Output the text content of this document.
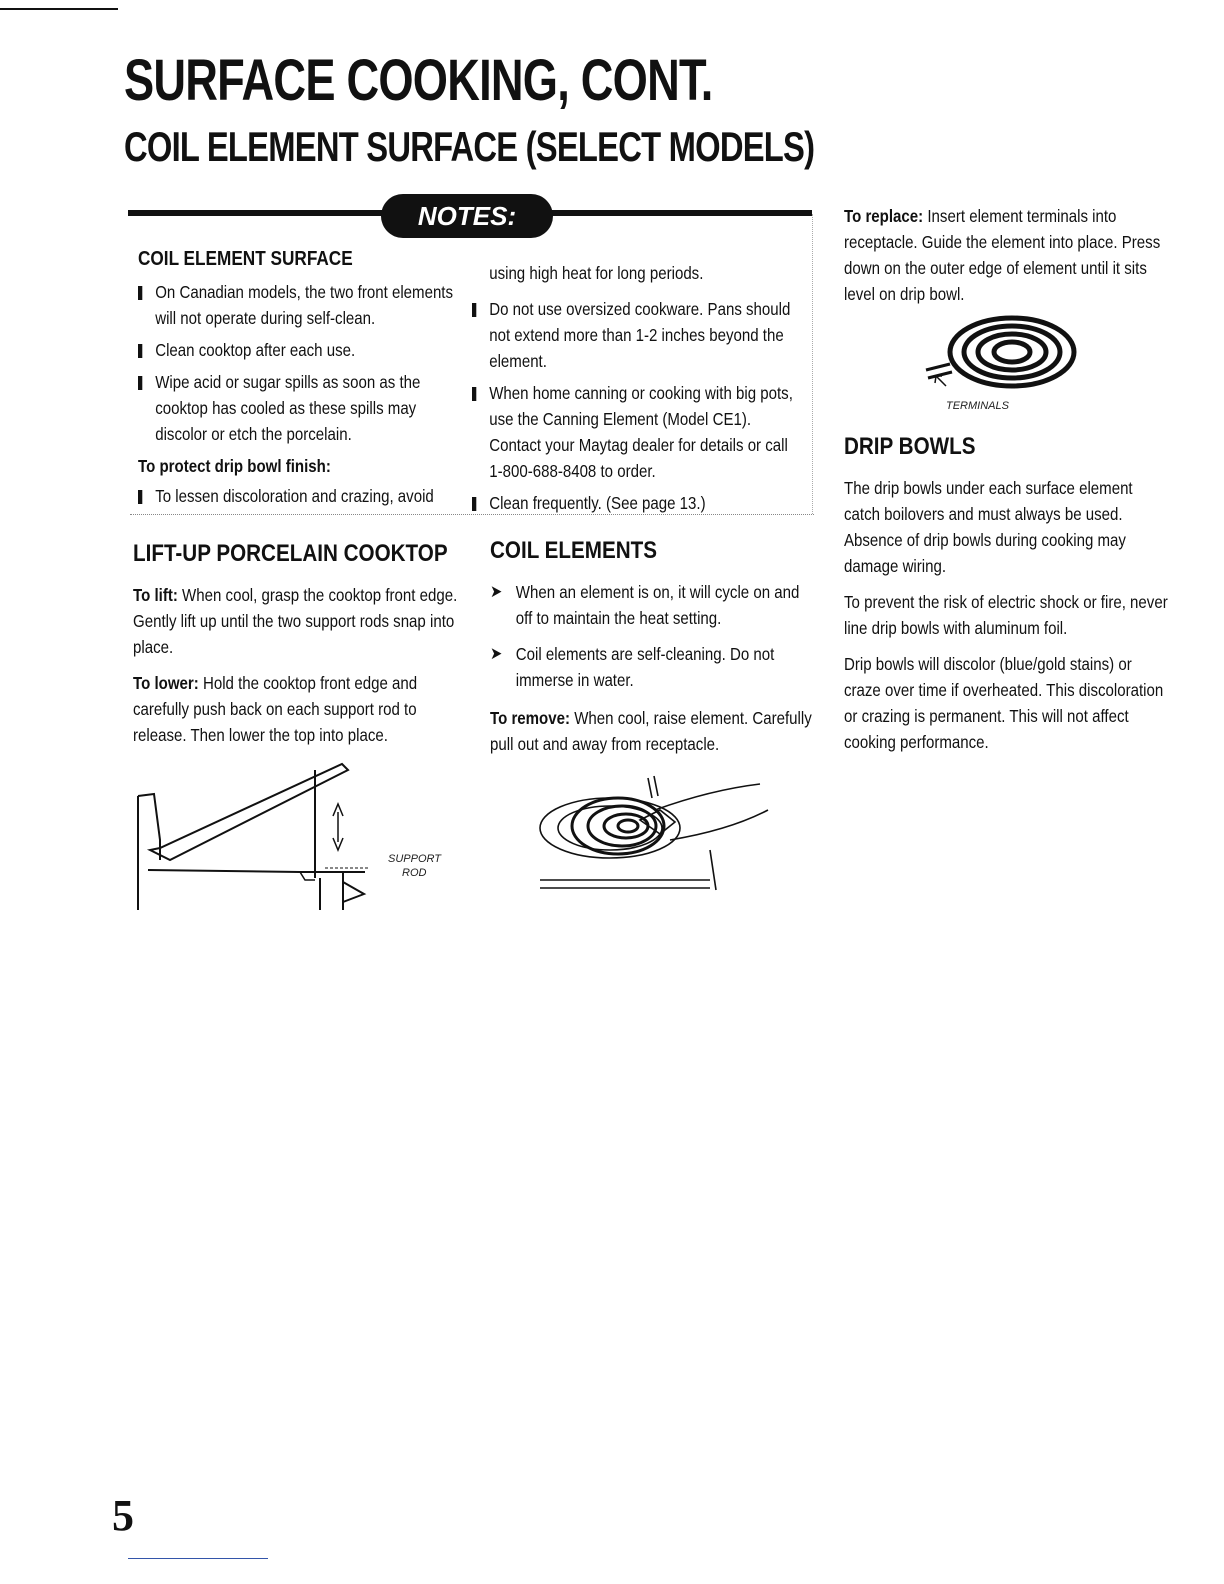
SURFACE COOKING, CONT.
COIL ELEMENT SURFACE (SELECT MODELS)
NOTES:
COIL ELEMENT SURFACE
On Canadian models, the two front elements will not operate during self-clean.
Clean cooktop after each use.
Wipe acid or sugar spills as soon as the cooktop has cooled as these spills may discolor or etch the porcelain.
To protect drip bowl finish:
To lessen discoloration and crazing, avoid
using high heat for long periods.
Do not use oversized cookware. Pans should not extend more than 1-2 inches beyond the element.
When home canning or cooking with big pots, use the Canning Element (Model CE1). Contact your Maytag dealer for details or call 1-800-688-8408 to order.
Clean frequently. (See page 13.)
LIFT-UP PORCELAIN COOKTOP
To lift: When cool, grasp the cooktop front edge. Gently lift up until the two support rods snap into place.
To lower: Hold the cooktop front edge and carefully push back on each support rod to release. Then lower the top into place.
SUPPORT
ROD
COIL ELEMENTS
➤ When an element is on, it will cycle on and off to maintain the heat setting.
➤ Coil elements are self-cleaning. Do not immerse in water.
To remove: When cool, raise element. Carefully pull out and away from receptacle.
To replace: Insert element terminals into receptacle. Guide the element into place. Press down on the outer edge of element until it sits level on drip bowl.
TERMINALS
DRIP BOWLS
The drip bowls under each surface element catch boilovers and must always be used. Absence of drip bowls during cooking may damage wiring.
To prevent the risk of electric shock or fire, never line drip bowls with aluminum foil.
Drip bowls will discolor (blue/gold stains) or craze over time if overheated. This discoloration or crazing is permanent. This will not affect cooking performance.
5
